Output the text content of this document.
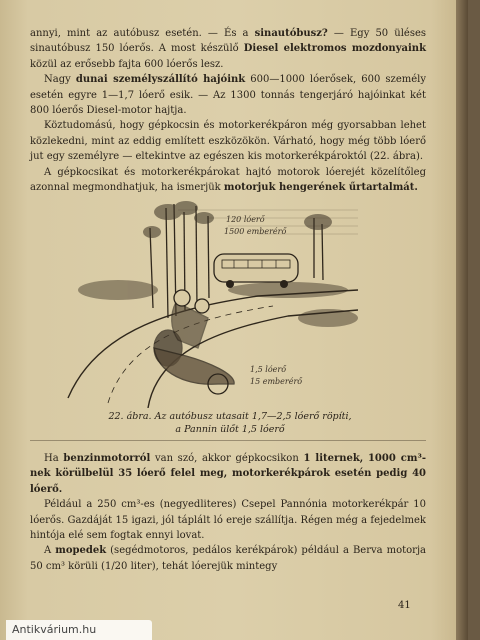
annyi, mint az autóbusz esetén. — És a sinautóbusz? — Egy 50 üléses sinautóbusz 150 lóerős. A most készülő Diesel elektromos mozdonyaink közül az erősebb fajta 600 lóerős lesz.

Nagy dunai személyszállító hajóink 600—1000 lóerősek, 600 személy esetén egyre 1—1,7 lóerő esik. — Az 1300 tonnás tengerjáró hajóinkat két 800 lóerős Diesel-motor hajtja.

Köztudomású, hogy gépkocsin és motorkerékpáron még gyorsabban lehet közlekedni, mint az eddig említett eszközökön. Várható, hogy még több lóerő jut egy személyre — eltekintve az egészen kis motorkerékpároktól (22. ábra).

A gépkocsikat és motorkerékpárokat hajtó motorok lóerejét közelítőleg azonnal megmondhatjuk, ha ismerjük motorjuk hengerének űrtartalmát.

120 lóerő
1500 emberérő
1,5 lóerő
15 emberérő
22. ábra. Az autóbusz utasait 1,7—2,5 lóerő röpíti,
a Pannin ülőt 1,5 lóerő

Ha benzinmotorról van szó, akkor gépkocsikon 1 liternek, 1000 cm³-nek körülbelül 35 lóerő felel meg, motorkerékpárok esetén pedig 40 lóerő.

Például a 250 cm³-es (negyedliteres) Csepel Pannónia motorkerékpár 10 lóerős. Gazdáját 15 igazi, jól táplált ló ereje szállítja. Régen még a fejedelmek hintója elé sem fogtak ennyi lovat.

A mopedek (segédmotoros, pedálos kerékpárok) például a Berva motorja 50 cm³ körüli (1/20 liter), tehát lóerejük mintegy

41
Antikvárium.hu
